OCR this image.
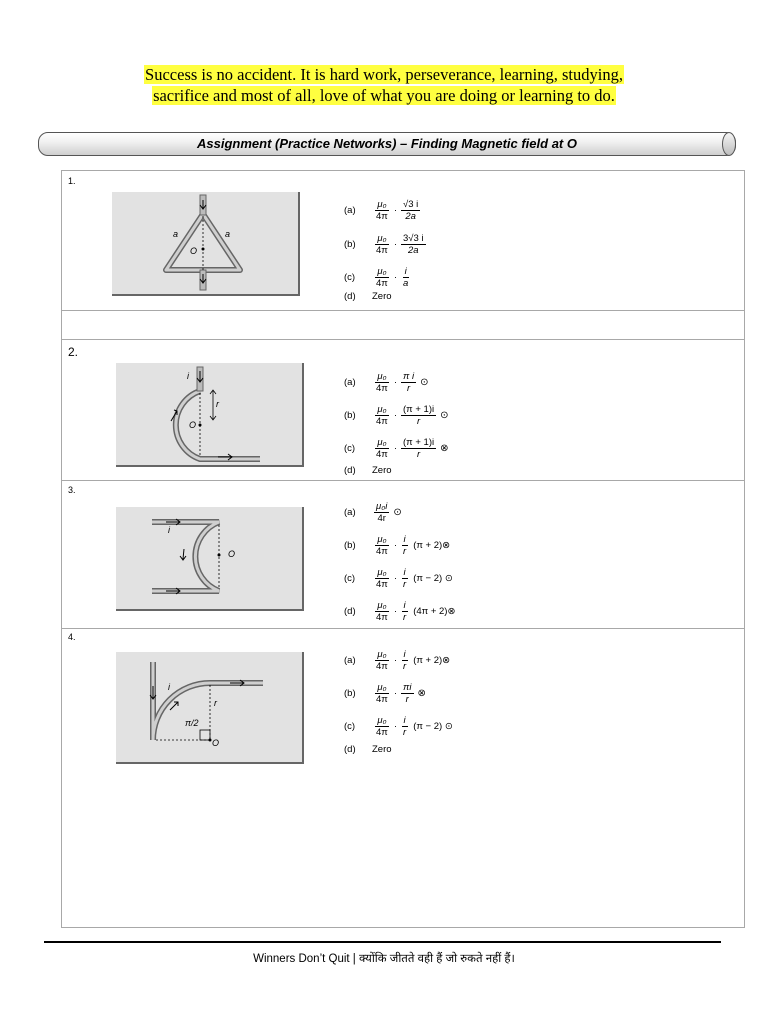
Success is no accident. It is hard work, perseverance, learning, studying,
sacrifice and most of all, love of what you are doing or learning to do.
Assignment (Practice Networks) – Finding Magnetic field at O
1.
a	a
O
(a)	$\frac{\text{μ₀}}{4\pi} \cdot \frac{√3 i}{2a}$
(b)	$\frac{\text{μ₀}}{4\pi} \cdot \frac{3√3 i}{2a}$
(c)	$\frac{\text{μ₀}}{4\pi} \cdot \frac{i}{a}$
(d)	Zero
2.
i
r
O
(a)	$\frac{\text{μ₀}}{4\pi} \cdot \frac{\text{π i}}{r}$ ⊙
(b)	$\frac{\text{μ₀}}{4\pi} \cdot \frac{(\pi + 1)i}{r}$ ⊙
(c)	$\frac{\text{μ₀}}{4\pi} \cdot \frac{(\pi + 1)i}{r}$ ⊗
(d)	Zero
3.
i
O
(a)	$\frac{\text{μ₀i}}{4r}$ ⊙
(b)	$\frac{\text{μ₀}}{4\pi} \cdot \frac{i}{r} (\pi$ + 2)⊗
(c)	$\frac{\text{μ₀}}{4\pi} \cdot \frac{i}{r} (\pi - 2)$ ⊙
(d)	$\frac{\text{μ₀}}{4\pi} \cdot \frac{i}{r} (4\pi$ + 2)⊗
4.
i
r
π/2
O
(a)	$\frac{\text{μ₀}}{4\pi} \cdot \frac{i}{r} (\pi$ + 2)⊗
(b)	$\frac{\text{μ₀}}{4\pi} \cdot \frac{\pi i}{r}$ ⊗
(c)	$\frac{\text{μ₀}}{4\pi} \cdot \frac{i}{r} (\pi - 2)$ ⊙
(d)	Zero
Winners Don’t Quit | क्योंकि जीतते वही हैं जो रुकते नहीं हैं।
